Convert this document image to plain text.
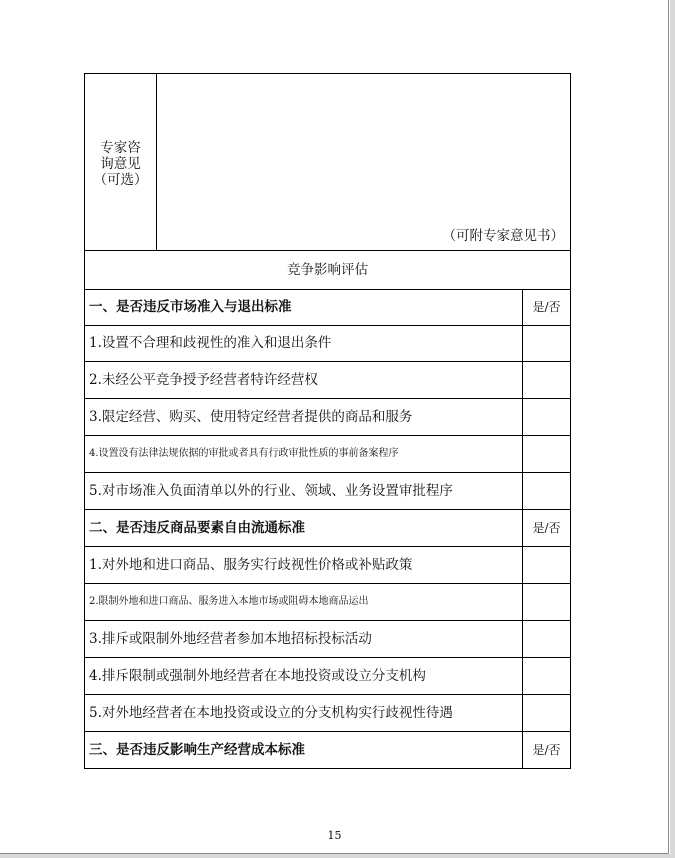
专家咨
询意见
（可选）	（可附专家意见书）	

竞争影响评估		
一、是否违反市场准入与退出标准		是/否
1.设置不合理和歧视性的准入和退出条件		
2.未经公平竞争授予经营者特许经营权		
3.限定经营、购买、使用特定经营者提供的商品和服务		
4.设置没有法律法规依据的审批或者具有行政审批性质的事前备案程序		
5.对市场准入负面清单以外的行业、领域、业务设置审批程序		
二、是否违反商品要素自由流通标准		是/否
1.对外地和进口商品、服务实行歧视性价格或补贴政策		
2.限制外地和进口商品、服务进入本地市场或阻碍本地商品运出		
3.排斥或限制外地经营者参加本地招标投标活动		
4.排斥限制或强制外地经营者在本地投资或设立分支机构		
5.对外地经营者在本地投资或设立的分支机构实行歧视性待遇		
三、是否违反影响生产经营成本标准		是/否
15
